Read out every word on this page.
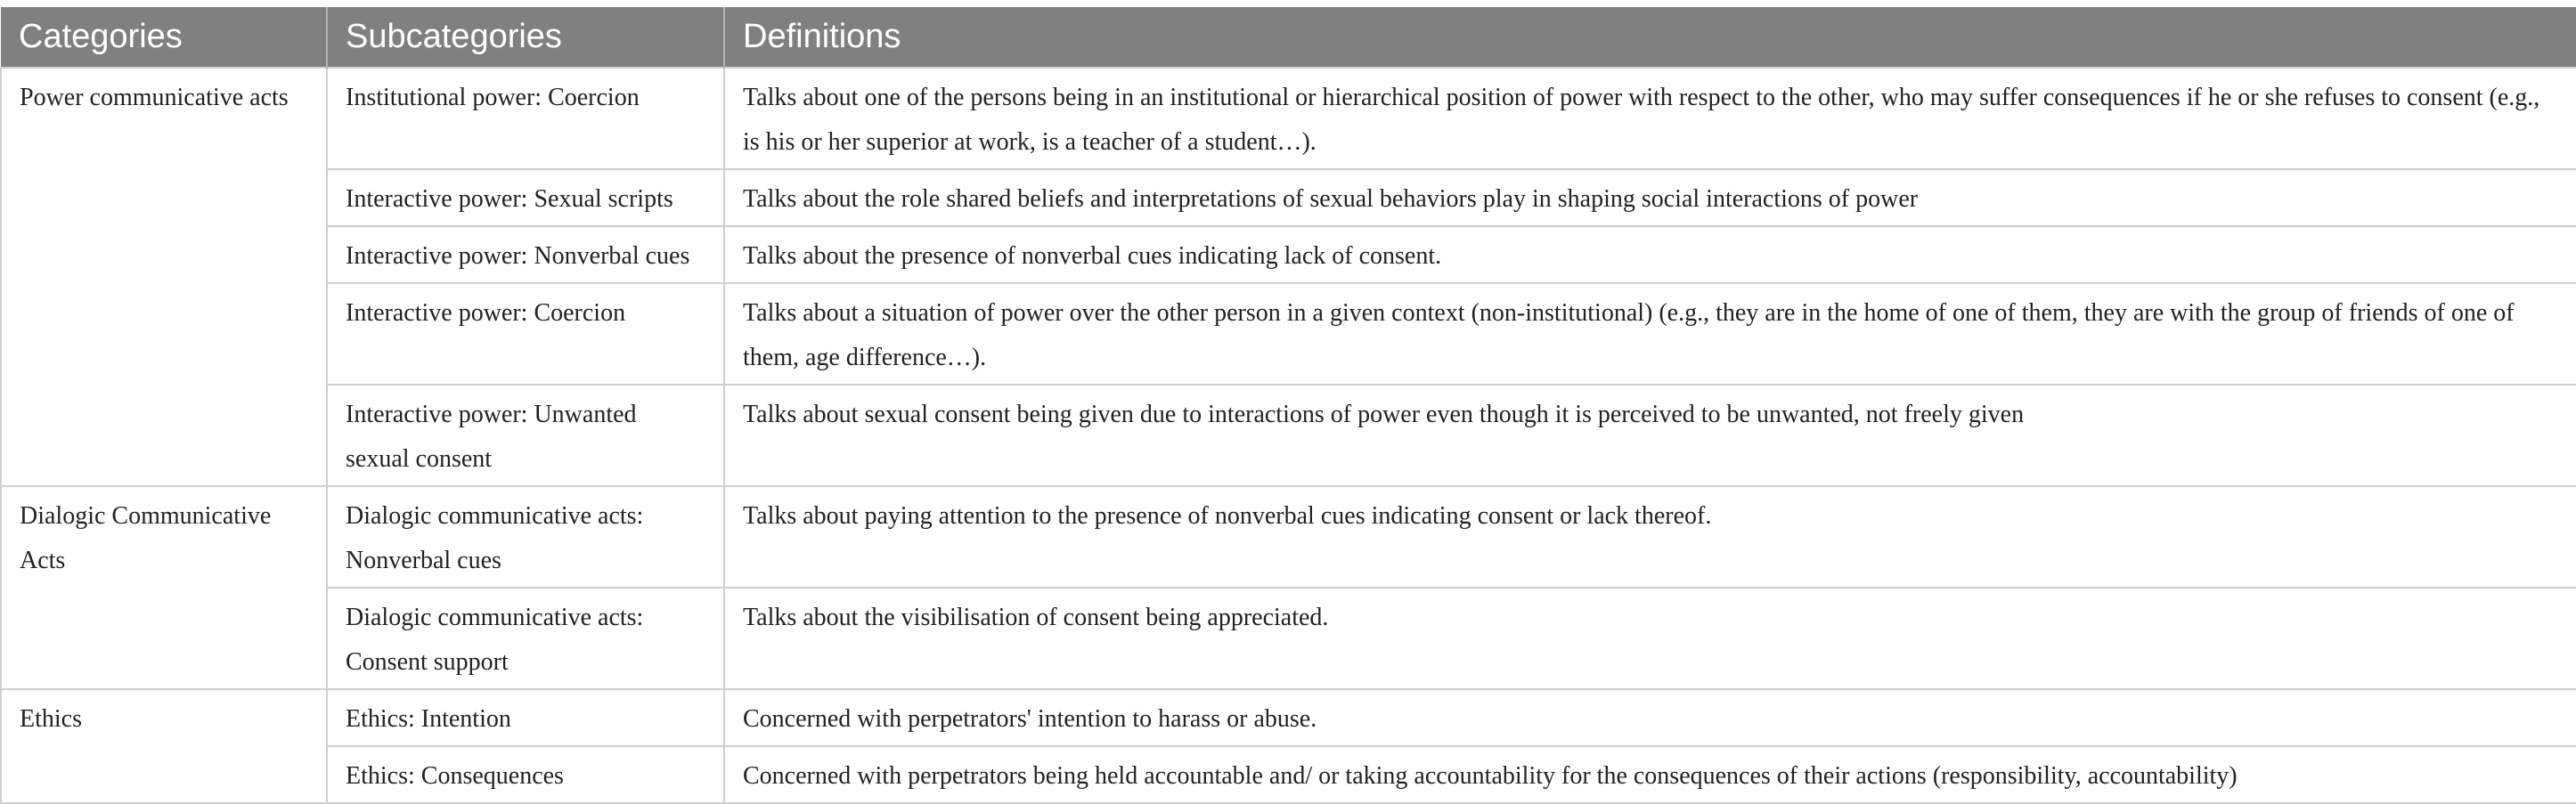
Categories	Subcategories	Definitions
Power communicative acts	Institutional power: Coercion	Talks about one of the persons being in an institutional or hierarchical position of power with respect to the other, who may suffer consequences if he or she refuses to consent (e.g., is his or her superior at work, is a teacher of a student…).
	Interactive power: Sexual scripts	Talks about the role shared beliefs and interpretations of sexual behaviors play in shaping social interactions of power
	Interactive power: Nonverbal cues	Talks about the presence of nonverbal cues indicating lack of consent.
	Interactive power: Coercion	Talks about a situation of power over the other person in a given context (non-institutional) (e.g., they are in the home of one of them, they are with the group of friends of one of them, age difference…).
	Interactive power: Unwanted sexual consent	Talks about sexual consent being given due to interactions of power even though it is perceived to be unwanted, not freely given
Dialogic Communicative Acts	Dialogic communicative acts: Nonverbal cues	Talks about paying attention to the presence of nonverbal cues indicating consent or lack thereof.
	Dialogic communicative acts: Consent support	Talks about the visibilisation of consent being appreciated.
Ethics	Ethics: Intention	Concerned with perpetrators' intention to harass or abuse.
	Ethics: Consequences	Concerned with perpetrators being held accountable and/ or taking accountability for the consequences of their actions (responsibility, accountability)
